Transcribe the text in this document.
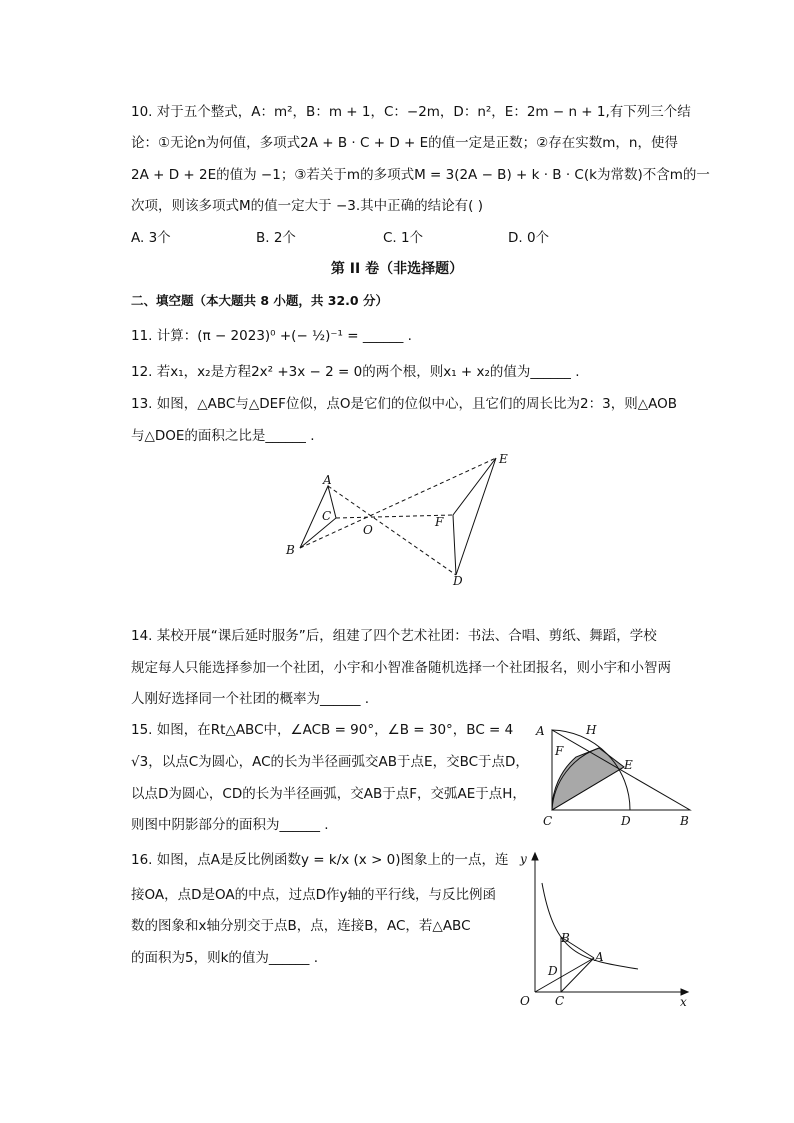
10. 对于五个整式，A：m²，B：m + 1，C：−2m，D：n²，E：2m − n + 1,有下列三个结
论：①无论n为何值，多项式2A + B · C + D + E的值一定是正数；②存在实数m，n，使得
2A + D + 2E的值为 −1；③若关于m的多项式M = 3(2A − B) + k · B · C(k为常数)不含m的一
次项，则该多项式M的值一定大于 −3.其中正确的结论有( )
A. 3个	B. 2个	C. 1个	D. 0个
第 II 卷（非选择题）
二、填空题（本大题共 8 小题，共 32.0 分）
11. 计算：(π − 2023)⁰ +(− ½)⁻¹ = ______ .
12. 若x₁，x₂是方程2x² +3x − 2 = 0的两个根，则x₁ + x₂的值为______ .
13. 如图，△ABC与△DEF位似，点O是它们的位似中心，且它们的周长比为2：3，则△AOB
与△DOE的面积之比是______ .
A
B
C
O
F
E
D
14. 某校开展“课后延时服务”后，组建了四个艺术社团：书法、合唱、剪纸、舞蹈，学校
规定每人只能选择参加一个社团，小宇和小智准备随机选择一个社团报名，则小宇和小智两
人刚好选择同一个社团的概率为______ .
15. 如图，在Rt△ABC中，∠ACB = 90°，∠B = 30°，BC = 4
√3，以点C为圆心，AC的长为半径画弧交AB于点E，交BC于点D，
以点D为圆心，CD的长为半径画弧，交AB于点F，交弧AE于点H，
则图中阴影部分的面积为______ .
A	H
F
E
C	D	B
16. 如图，点A是反比例函数y = k/x (x > 0)图象上的一点，连
接OA，点D是OA的中点，过点D作y轴的平行线，与反比例函
数的图象和x轴分别交于点B，点，连接B，AC，若△ABC
的面积为5，则k的值为______ .
y
x
O
A
B
C
D
